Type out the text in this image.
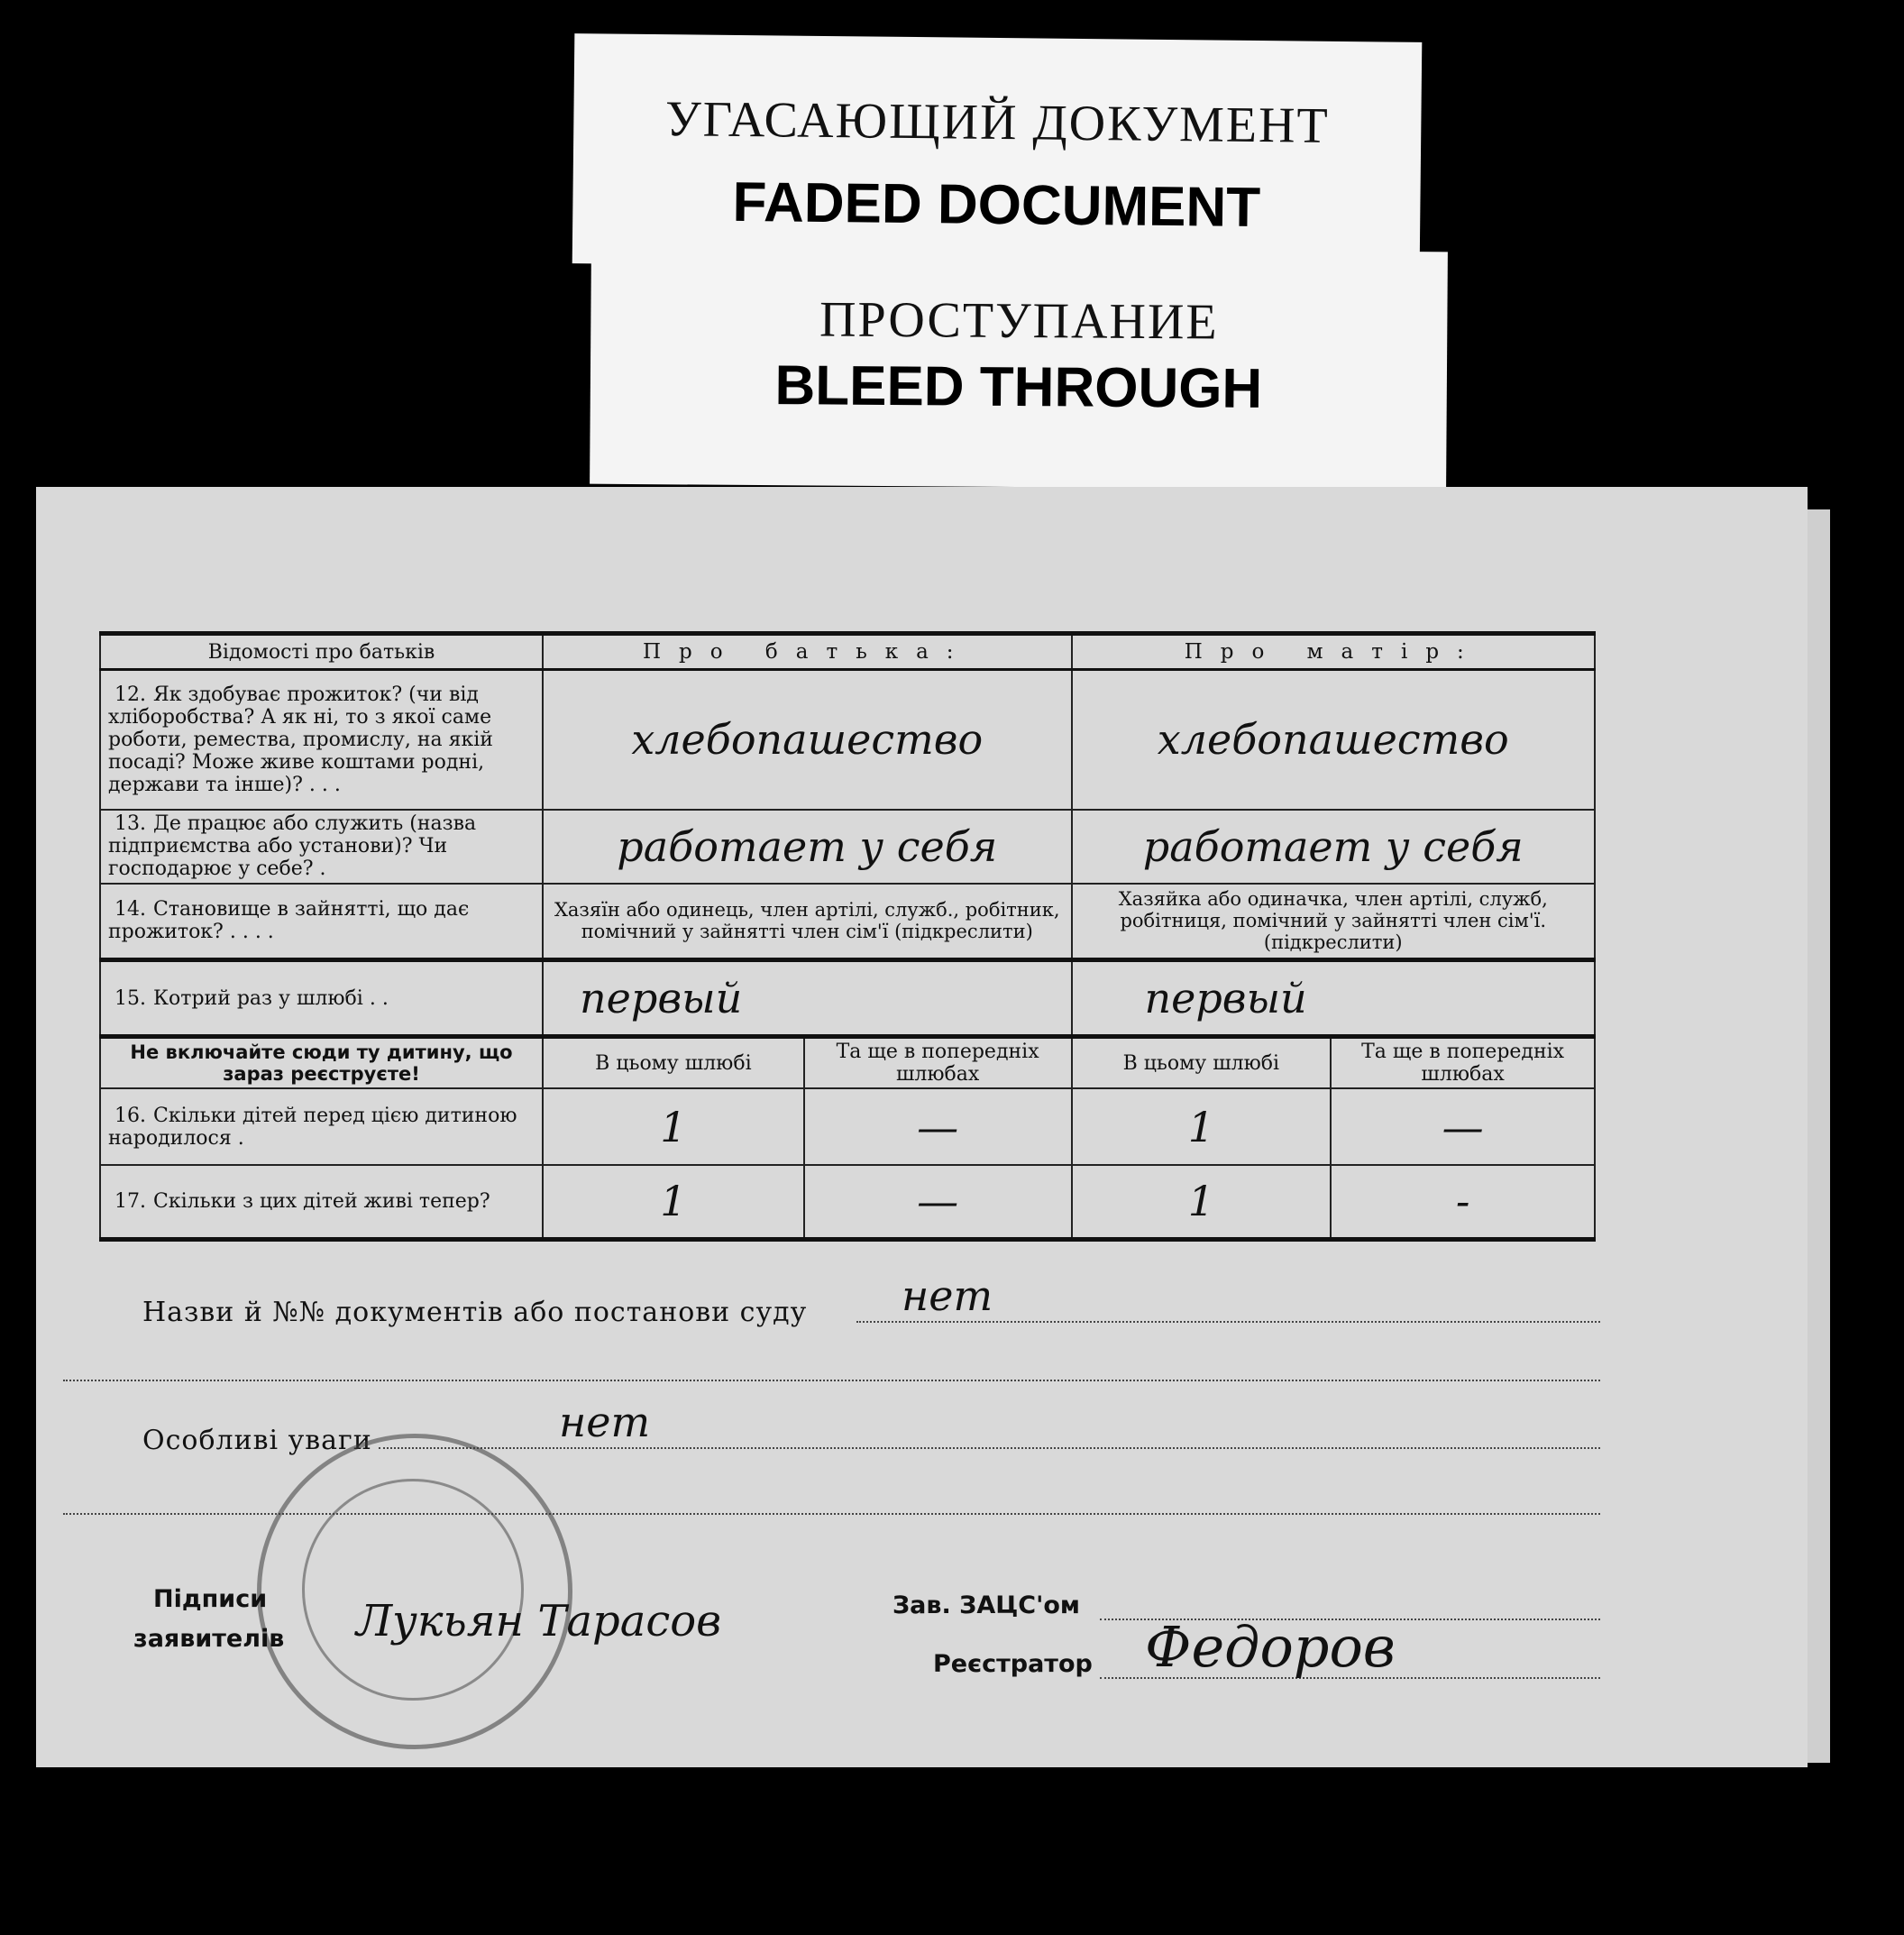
УГАСАЮЩИЙ ДОКУМЕНТ
FADED DOCUMENT
ПРОСТУПАНИЕ
BLEED THROUGH
Відомості про батьків	Про батька:		Про матір:	
12. Як здобуває прожиток? (чи від хліборобства? А як ні, то з якої саме роботи, ремества, промислу, на якій посаді? Може живе коштами родні, держави та інше)? . . .	хлебопашество		хлебопашество	
13. Де працює або служить (назва підприємства або установи)? Чи господарює у себе? .	работает у себя		работает у себя	
14. Становище в зайнятті, що дає прожиток? . . . .	Хазяїн або одинець, член артілі, служб., робітник, помічний у зайнятті член сім'ї (підкреслити)		Хазяйка або одиначка, член артілі, служб, робітниця, помічний у зайнятті член сім'ї. (підкреслити)	
15. Котрий раз у шлюбі . .	первый		первый	
Не включайте сюди ту дитину, що зараз реєструєте!	В цьому шлюбі	Та ще в попередніх шлюбах	В цьому шлюбі	Та ще в попередніх шлюбах
16. Скільки дітей перед цією дитиною народилося .	1	—	1	—
17. Скільки з цих дітей живі тепер?	1	—	1	-
Назви й №№ документів або постанови суду нет
Особливі уваги	нет
Підписи
заявителів Лукьян Тарасов	Зав. ЗАЦС'ом
Реєстратор Федоров
